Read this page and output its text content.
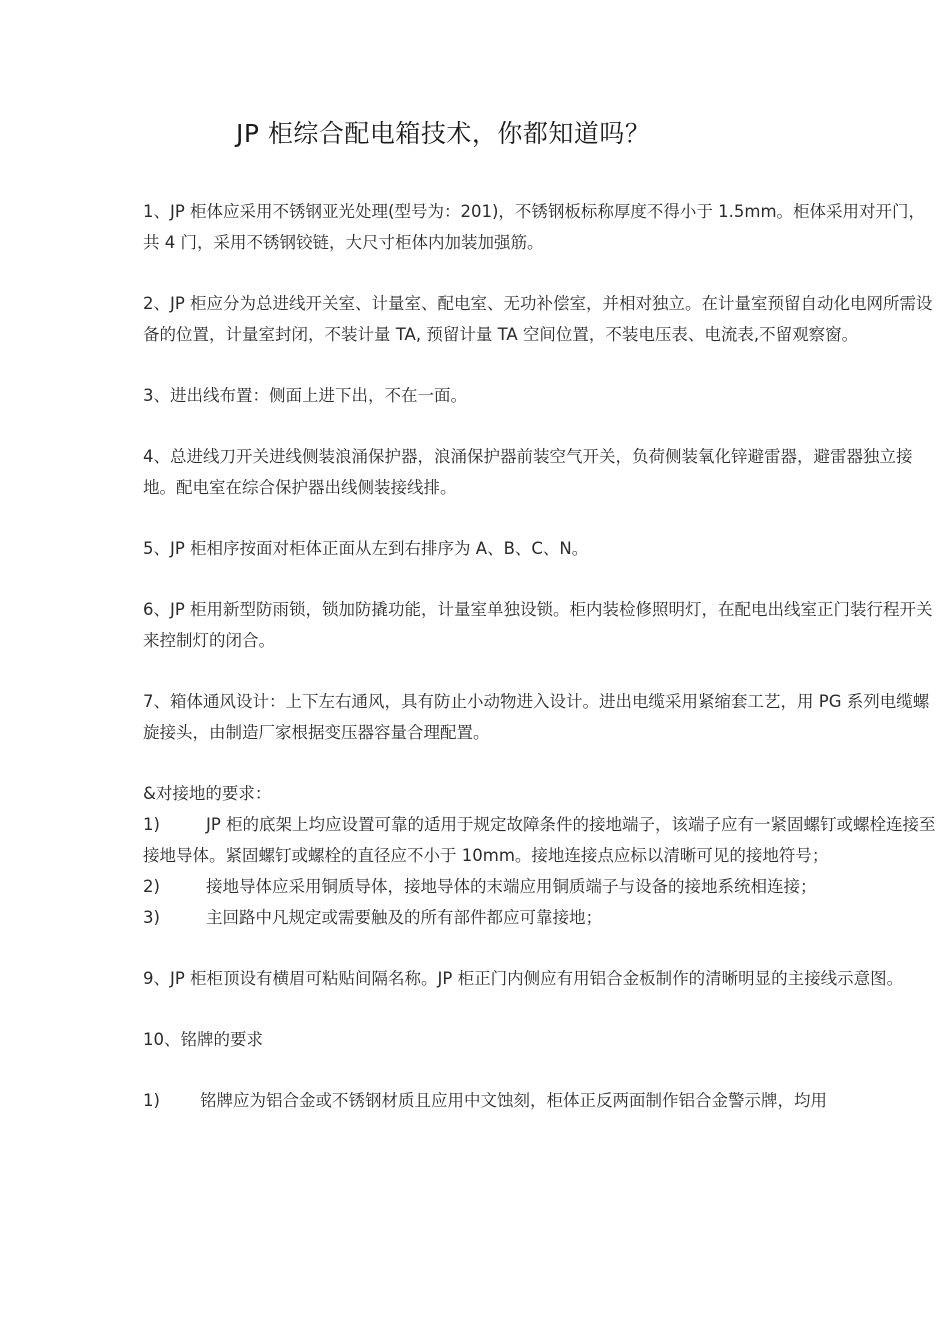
JP 柜综合配电箱技术，你都知道吗？

1、JP 柜体应采用不锈钢亚光处理(型号为：201)，不锈钢板标称厚度不得小于 1.5mm。柜体采用对开门，共 4 门，采用不锈钢铰链，大尺寸柜体内加装加强筋。

2、JP 柜应分为总进线开关室、计量室、配电室、无功补偿室，并相对独立。在计量室预留自动化电网所需设备的位置，计量室封闭，不装计量 TA, 预留计量 TA 空间位置，不装电压表、电流表,不留观察窗。

3、进出线布置：侧面上进下出，不在一面。

4、总进线刀开关进线侧装浪涌保护器，浪涌保护器前装空气开关，负荷侧装氧化锌避雷器，避雷器独立接地。配电室在综合保护器出线侧装接线排。

5、JP 柜相序按面对柜体正面从左到右排序为 A、B、C、N。

6、JP 柜用新型防雨锁，锁加防撬功能，计量室单独设锁。柜内装检修照明灯，在配电出线室正门装行程开关来控制灯的闭合。

7、箱体通风设计：上下左右通风，具有防止小动物进入设计。进出电缆采用紧缩套工艺，用 PG 系列电缆螺旋接头，由制造厂家根据变压器容量合理配置。

&对接地的要求：

1)	JP 柜的底架上均应设置可靠的适用于规定故障条件的接地端子，该端子应有一紧固螺钉或螺栓连接至接地导体。紧固螺钉或螺栓的直径应不小于 10mm。接地连接点应标以清晰可见的接地符号；

2)	接地导体应采用铜质导体，接地导体的末端应用铜质端子与设备的接地系统相连接；

3)	主回路中凡规定或需要触及的所有部件都应可靠接地；

9、JP 柜柜顶设有横眉可粘贴间隔名称。JP 柜正门内侧应有用铝合金板制作的清晰明显的主接线示意图。

10、铭牌的要求

1) 铭牌应为铝合金或不锈钢材质且应用中文蚀刻，柜体正反两面制作铝合金警示牌，均用
